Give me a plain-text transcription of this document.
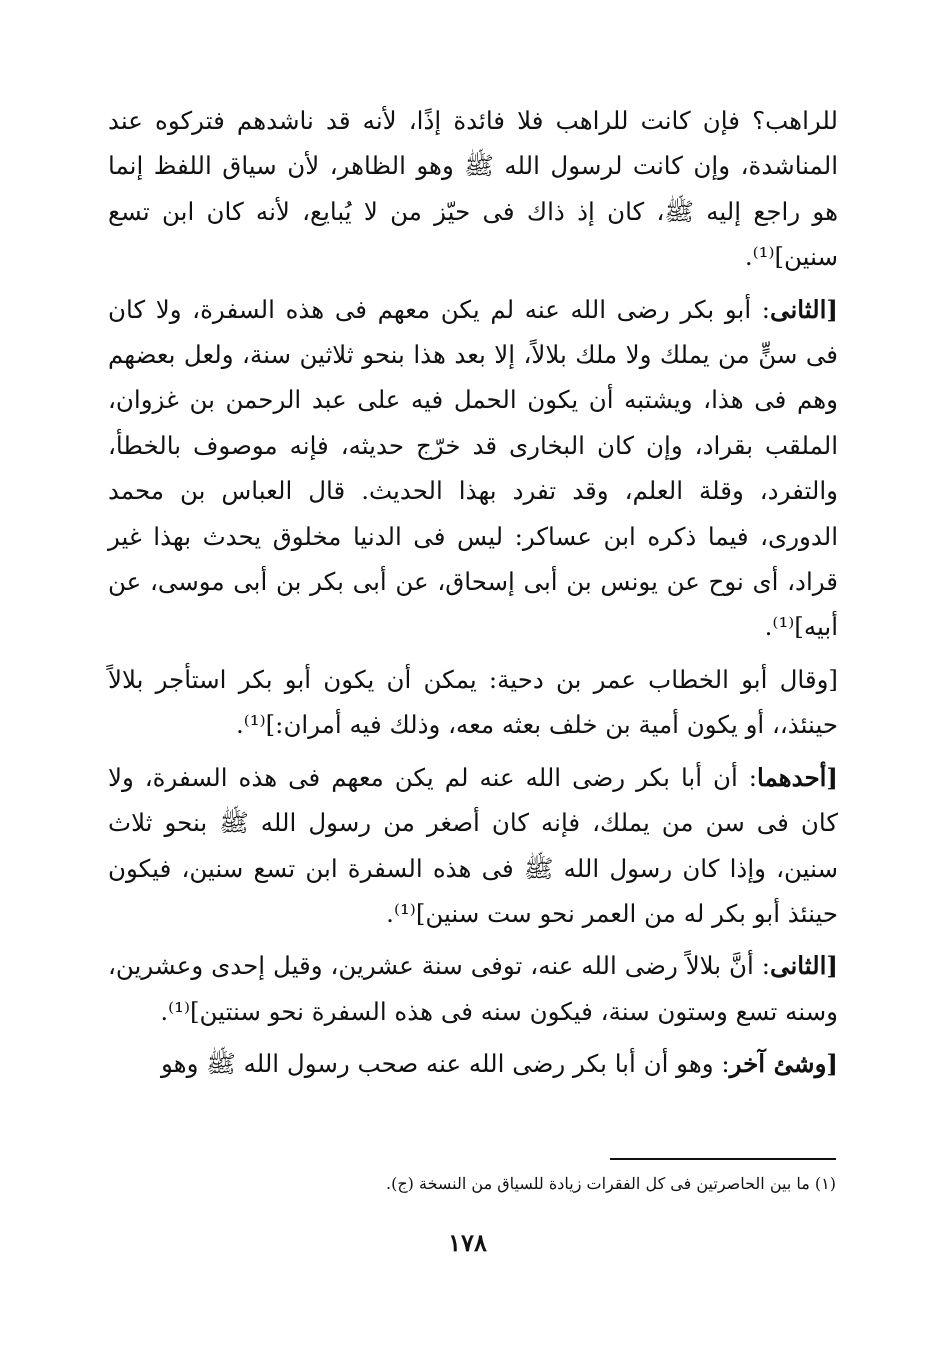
للراهب؟ فإن كانت للراهب فلا فائدة إذًا، لأنه قد ناشدهم فتركوه عند المناشدة، وإن كانت لرسول الله ﷺ وهو الظاهر، لأن سياق اللفظ إنما هو راجع إليه ﷺ، كان إذ ذاك فى حيّز من لا يُبايع، لأنه كان ابن تسع سنين]⁽¹⁾.

[الثانى: أبو بكر رضى الله عنه لم يكن معهم فى هذه السفرة، ولا كان فى سنٍّ من يملك ولا ملك بلالاً، إلا بعد هذا بنحو ثلاثين سنة، ولعل بعضهم وهم فى هذا، ويشتبه أن يكون الحمل فيه على عبد الرحمن بن غزوان، الملقب بقراد، وإن كان البخارى قد خرّج حديثه، فإنه موصوف بالخطأ، والتفرد، وقلة العلم، وقد تفرد بهذا الحديث. قال العباس بن محمد الدورى، فيما ذكره ابن عساكر: ليس فى الدنيا مخلوق يحدث بهذا غير قراد، أى نوح عن يونس بن أبى إسحاق، عن أبى بكر بن أبى موسى، عن أبيه]⁽¹⁾.

[وقال أبو الخطاب عمر بن دحية: يمكن أن يكون أبو بكر استأجر بلالاً حينئذ،، أو يكون أمية بن خلف بعثه معه، وذلك فيه أمران:]⁽¹⁾.

[أحدهما: أن أبا بكر رضى الله عنه لم يكن معهم فى هذه السفرة، ولا كان فى سن من يملك، فإنه كان أصغر من رسول الله ﷺ بنحو ثلاث سنين، وإذا كان رسول الله ﷺ فى هذه السفرة ابن تسع سنين، فيكون حينئذ أبو بكر له من العمر نحو ست سنين]⁽¹⁾.

[الثانى: أنَّ بلالاً رضى الله عنه، توفى سنة عشرين، وقيل إحدى وعشرين، وسنه تسع وستون سنة، فيكون سنه فى هذه السفرة نحو سنتين]⁽¹⁾.

[وشئ آخر: وهو أن أبا بكر رضى الله عنه صحب رسول الله ﷺ وهو

(١) ما بين الحاصرتين فى كل الفقرات زيادة للسياق من النسخة (ج).
١٧٨
